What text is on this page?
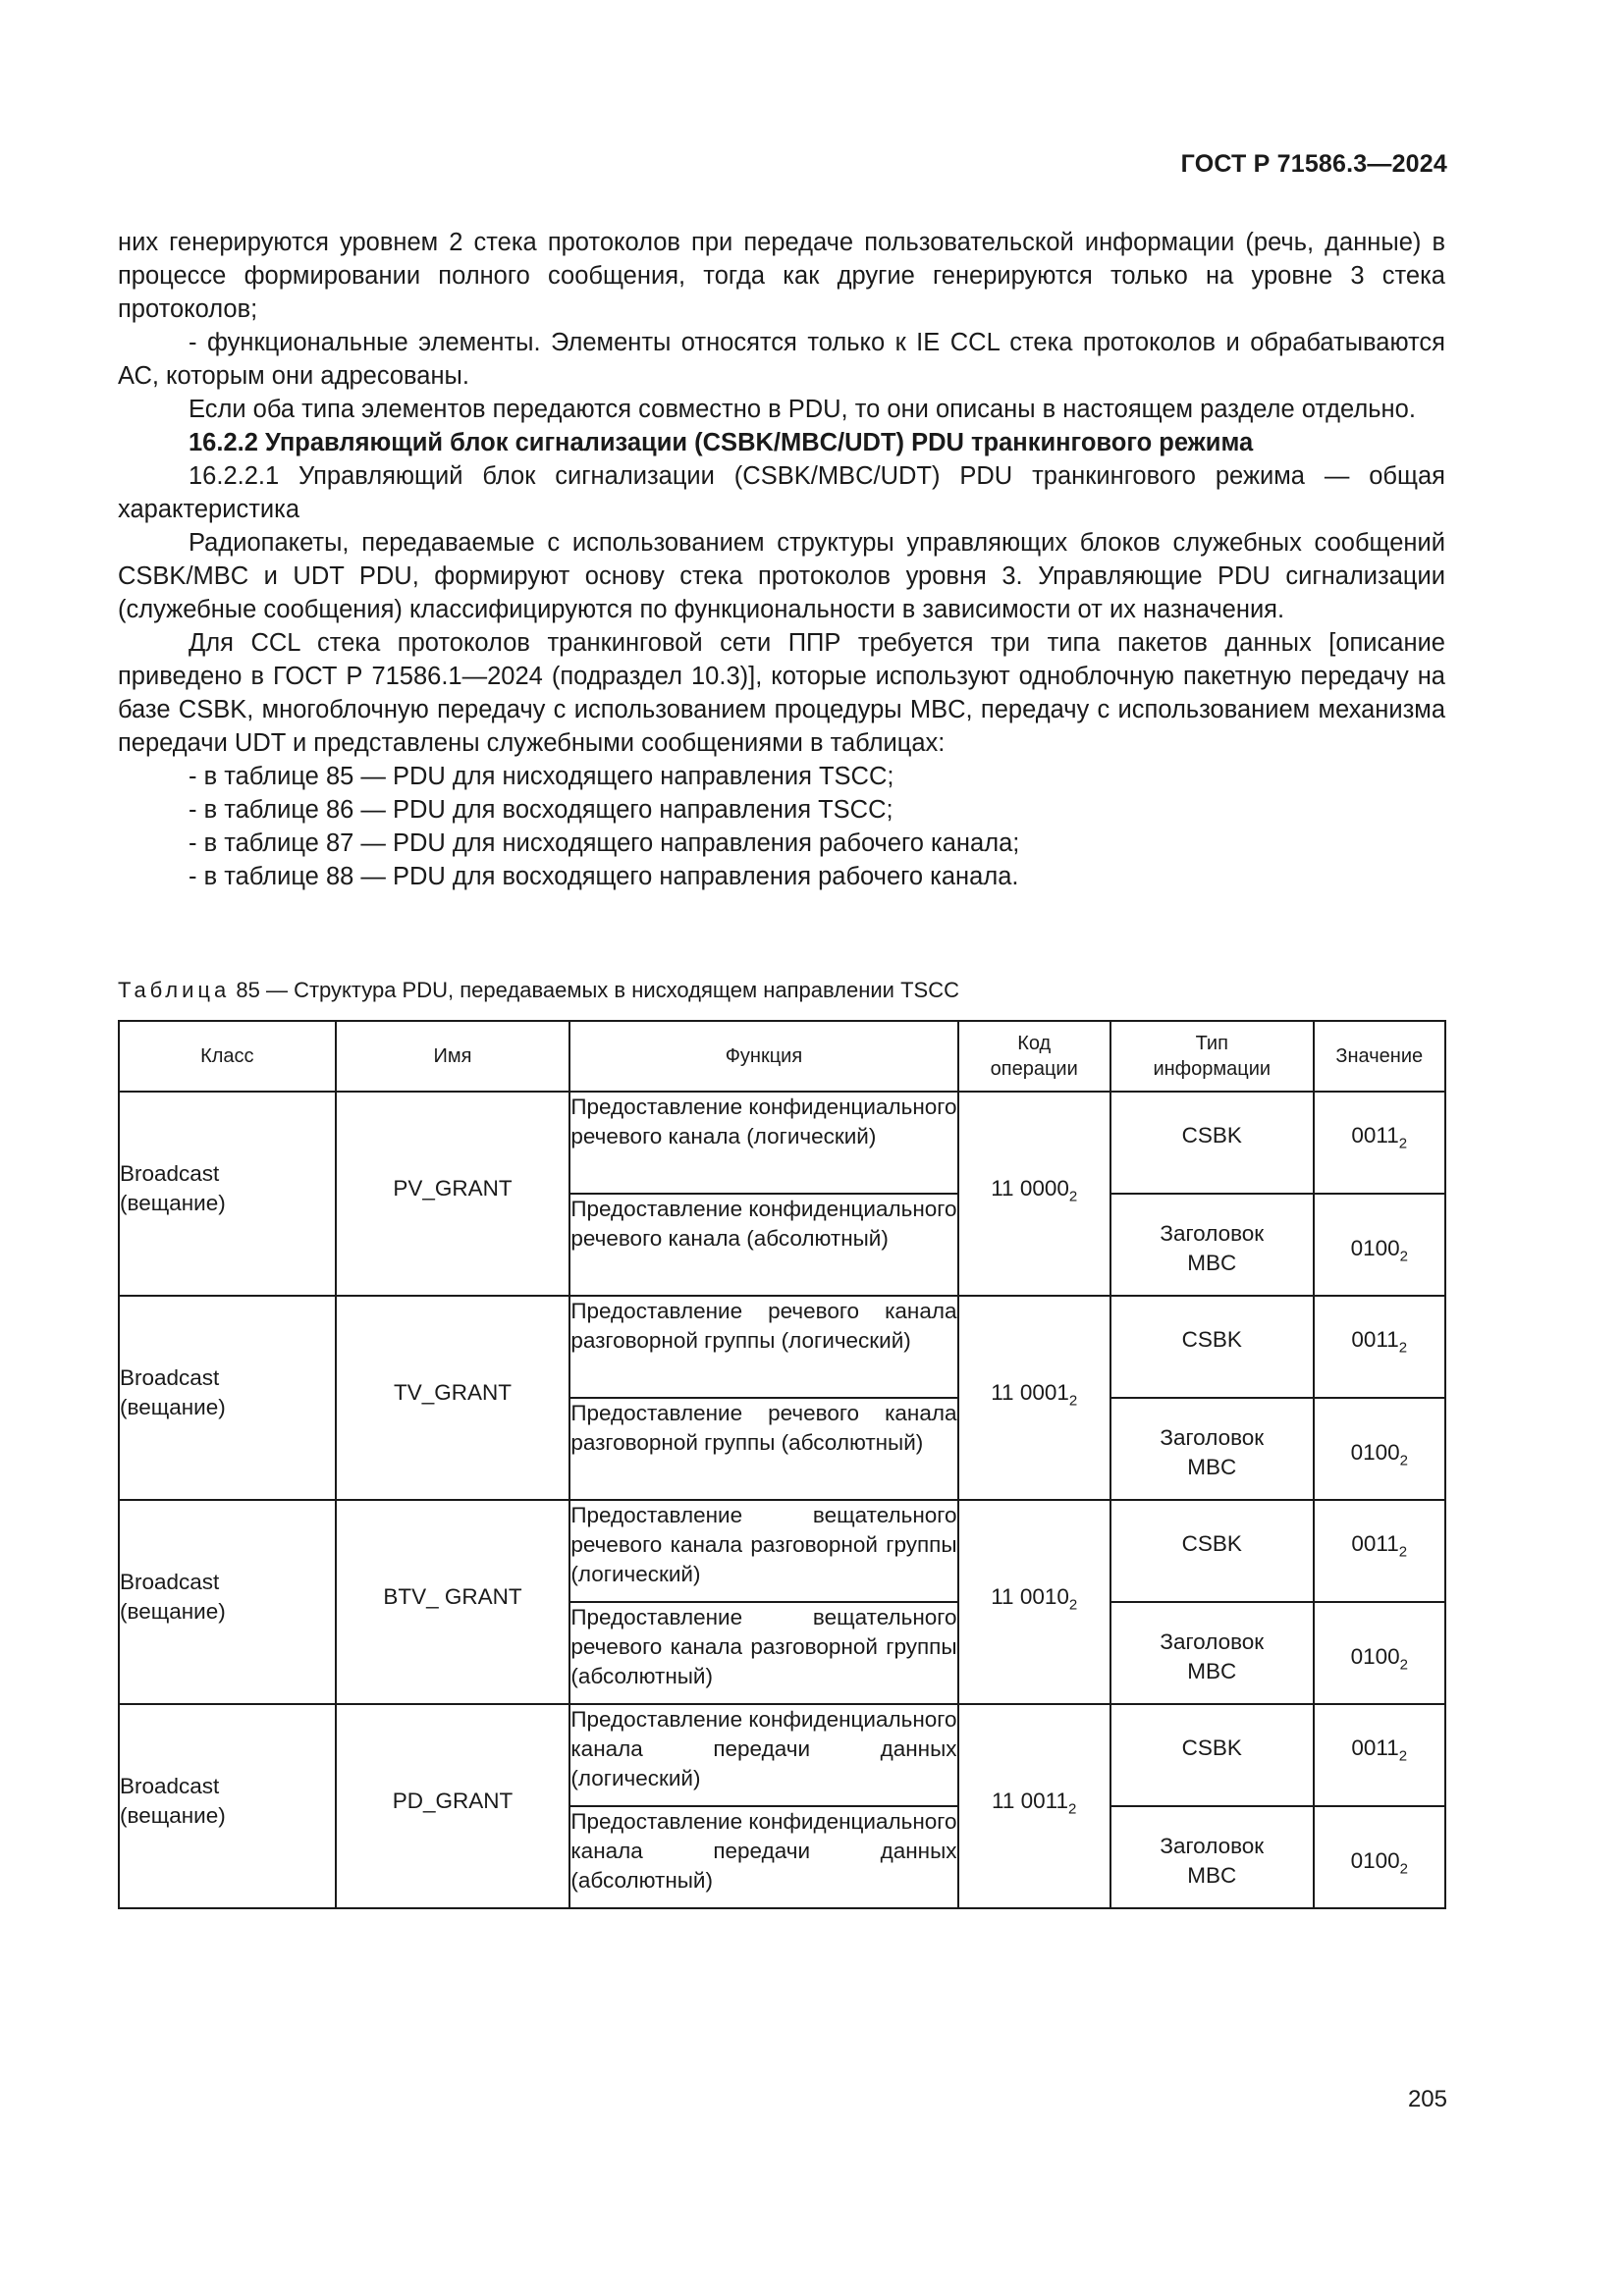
ГОСТ Р 71586.3—2024

них генерируются уровнем 2 стека протоколов при передаче пользовательской информации (речь, данные) в процессе формировании полного сообщения, тогда как другие генерируются только на уровне 3 стека протоколов;

- функциональные элементы. Элементы относятся только к IE CCL стека протоколов и обрабатываются АС, которым они адресованы.

Если оба типа элементов передаются совместно в PDU, то они описаны в настоящем разделе отдельно.

16.2.2 Управляющий блок сигнализации (CSBK/MBC/UDT) PDU транкингового режима

16.2.2.1 Управляющий блок сигнализации (CSBK/MBC/UDT) PDU транкингового режима — общая характеристика

Радиопакеты, передаваемые с использованием структуры управляющих блоков служебных сообщений CSBK/MBC и UDT PDU, формируют основу стека протоколов уровня 3. Управляющие PDU сигнализации (служебные сообщения) классифицируются по функциональности в зависимости от их назначения.

Для CCL стека протоколов транкинговой сети ППР требуется три типа пакетов данных [описание приведено в ГОСТ Р 71586.1—2024 (подраздел 10.3)], которые используют одноблочную пакетную передачу на базе CSBK, многоблочную передачу с использованием процедуры MBC, передачу с использованием механизма передачи UDT и представлены служебными сообщениями в таблицах:

- в таблице 85 — PDU для нисходящего направления TSCC;
- в таблице 86 — PDU для восходящего направления TSCC;
- в таблице 87 — PDU для нисходящего направления рабочего канала;
- в таблице 88 — PDU для восходящего направления рабочего канала.
Таблица 85 — Структура PDU, передаваемых в нисходящем направлении TSCC
Класс	Имя	Функция	Код
операции	Тип
информации	Значение

Broadcast
(вещание)	PV_GRANT	Предоставление конфиденциального речевого канала (логический)	11 $0000_2$	CSBK	$0011_2$

		Предоставление конфиденциального речевого канала (абсолютный)		Заголовок
MBC	$0100_2$

Broadcast
(вещание)	TV_GRANT	Предоставление речевого канала разговорной группы (логический)	11 $0001_2$	CSBK	$0011_2$

		Предоставление речевого канала разговорной группы (абсолютный)		Заголовок
MBC	$0100_2$

Broadcast
(вещание)	BTV_ GRANT	Предоставление вещательного речевого канала разговорной группы (логический)	11 $0010_2$	CSBK	$0011_2$

		Предоставление вещательного речевого канала разговорной группы (абсолютный)		Заголовок
MBC	$0100_2$

Broadcast
(вещание)	PD_GRANT	Предоставление конфиденциального канала передачи данных (логический)	11 $0011_2$	CSBK	$0011_2$

		Предоставление конфиденциального канала передачи данных (абсолютный)		Заголовок
MBC	$0100_2$
205
